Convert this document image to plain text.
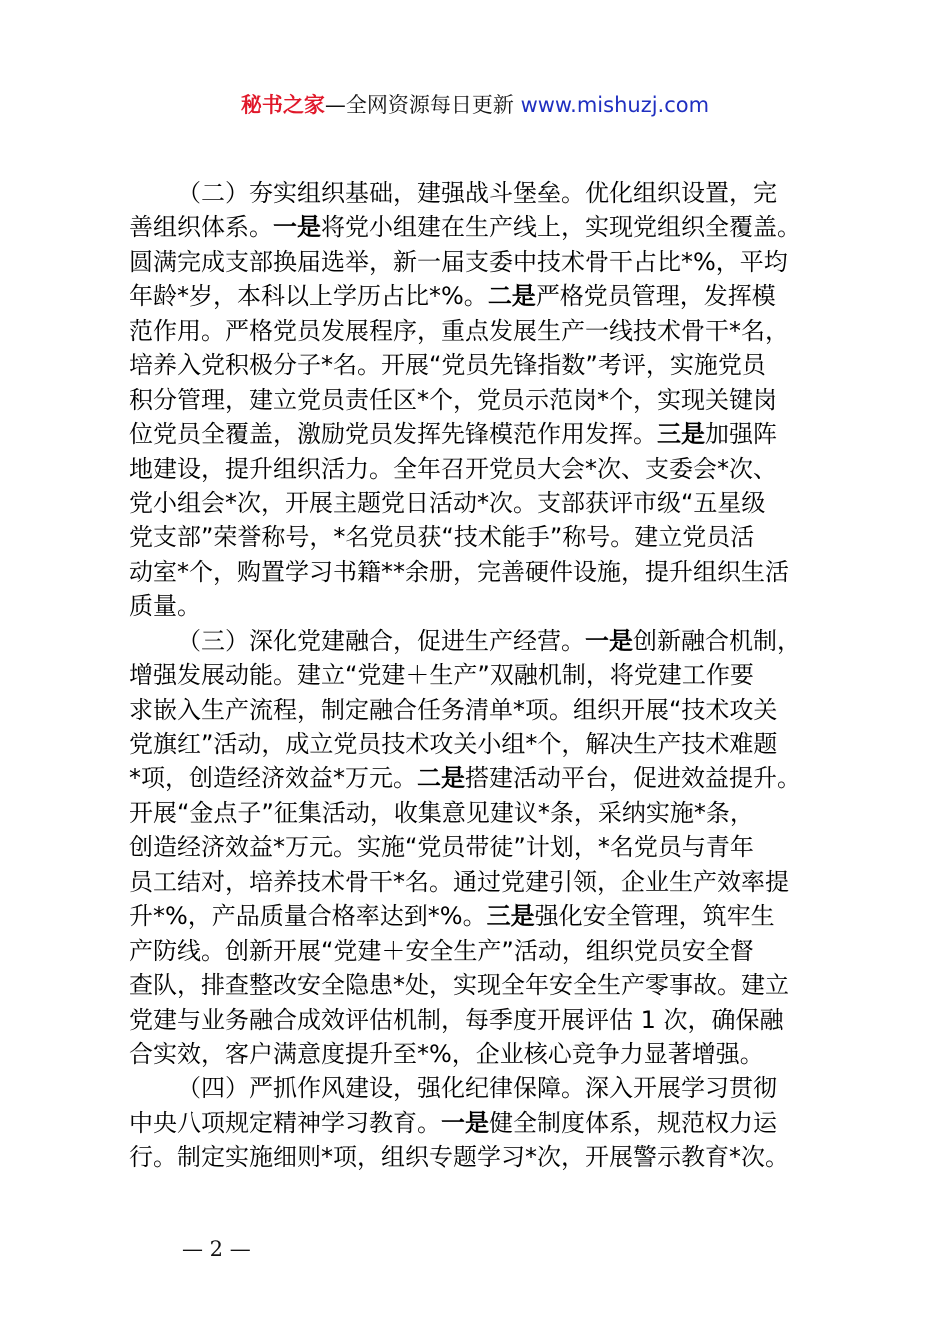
秘书之家—全网资源每日更新 www.mishuzj.com
（二）夯实组织基础，建强战斗堡垒。优化组织设置，完
善组织体系。一是将党小组建在生产线上，实现党组织全覆盖。
圆满完成支部换届选举，新一届支委中技术骨干占比*%，平均
年龄*岁，本科以上学历占比*%。二是严格党员管理，发挥模
范作用。严格党员发展程序，重点发展生产一线技术骨干*名，
培养入党积极分子*名。开展“党员先锋指数”考评，实施党员
积分管理，建立党员责任区*个，党员示范岗*个，实现关键岗
位党员全覆盖，激励党员发挥先锋模范作用发挥。三是加强阵
地建设，提升组织活力。全年召开党员大会*次、支委会*次、
党小组会*次，开展主题党日活动*次。支部获评市级“五星级
党支部”荣誉称号，*名党员获“技术能手”称号。建立党员活
动室*个，购置学习书籍**余册，完善硬件设施，提升组织生活
质量。
（三）深化党建融合，促进生产经营。一是创新融合机制，
增强发展动能。建立“党建＋生产”双融机制，将党建工作要
求嵌入生产流程，制定融合任务清单*项。组织开展“技术攻关
党旗红”活动，成立党员技术攻关小组*个，解决生产技术难题
*项，创造经济效益*万元。二是搭建活动平台，促进效益提升。
开展“金点子”征集活动，收集意见建议*条，采纳实施*条，
创造经济效益*万元。实施“党员带徒”计划，*名党员与青年
员工结对，培养技术骨干*名。通过党建引领，企业生产效率提
升*%，产品质量合格率达到*%。三是强化安全管理，筑牢生
产防线。创新开展“党建＋安全生产”活动，组织党员安全督
查队，排查整改安全隐患*处，实现全年安全生产零事故。建立
党建与业务融合成效评估机制，每季度开展评估 1 次，确保融
合实效，客户满意度提升至*%，企业核心竞争力显著增强。
（四）严抓作风建设，强化纪律保障。深入开展学习贯彻
中央八项规定精神学习教育。一是健全制度体系，规范权力运
行。制定实施细则*项，组织专题学习*次，开展警示教育*次。
— 2 —
